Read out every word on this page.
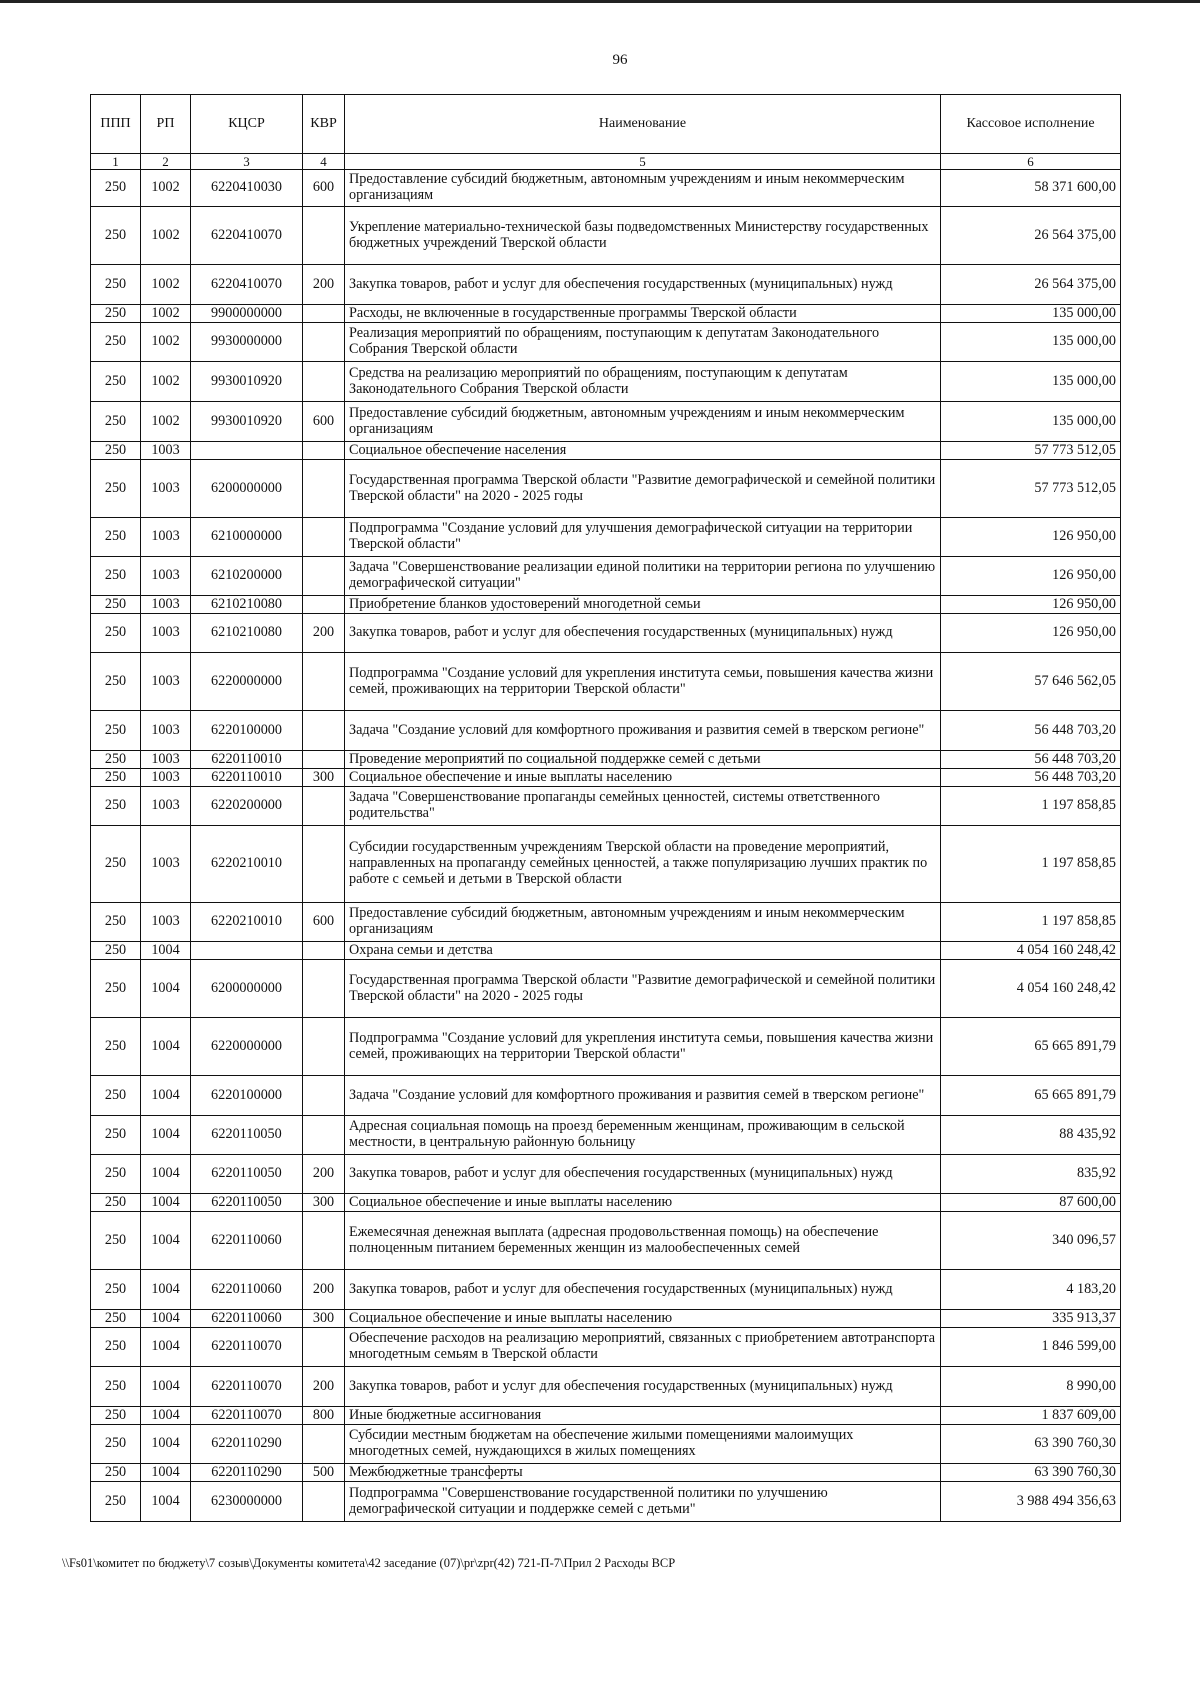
96
ППП	РП	КЦСР	КВР	Наименование	Кассовое исполнение
1	2	3	4	5	6
250	1002	6220410030	600	Предоставление субсидий бюджетным, автономным учреждениям и иным некоммерческим организациям	58 371 600,00
250	1002	6220410070		Укрепление материально-технической базы подведомственных Министерству государственных бюджетных учреждений Тверской области	26 564 375,00
250	1002	6220410070	200	Закупка товаров, работ и услуг для обеспечения государственных (муниципальных) нужд	26 564 375,00
250	1002	9900000000		Расходы, не включенные в государственные программы Тверской области	135 000,00
250	1002	9930000000		Реализация мероприятий по обращениям, поступающим к депутатам Законодательного Собрания Тверской области	135 000,00
250	1002	9930010920		Средства на реализацию мероприятий по обращениям, поступающим к депутатам Законодательного Собрания Тверской области	135 000,00
250	1002	9930010920	600	Предоставление субсидий бюджетным, автономным учреждениям и иным некоммерческим организациям	135 000,00
250	1003			Социальное обеспечение населения	57 773 512,05
250	1003	6200000000		Государственная программа Тверской области "Развитие демографической и семейной политики Тверской области" на 2020 - 2025 годы	57 773 512,05
250	1003	6210000000		Подпрограмма "Создание условий для улучшения демографической ситуации на территории Тверской области"	126 950,00
250	1003	6210200000		Задача "Совершенствование реализации единой политики на территории региона по улучшению демографической ситуации"	126 950,00
250	1003	6210210080		Приобретение бланков удостоверений многодетной семьи	126 950,00
250	1003	6210210080	200	Закупка товаров, работ и услуг для обеспечения государственных (муниципальных) нужд	126 950,00
250	1003	6220000000		Подпрограмма "Создание условий для укрепления института семьи, повышения качества жизни семей, проживающих на территории Тверской области"	57 646 562,05
250	1003	6220100000		Задача "Создание условий для комфортного проживания и развития семей в тверском регионе"	56 448 703,20
250	1003	6220110010		Проведение мероприятий по социальной поддержке семей с детьми	56 448 703,20
250	1003	6220110010	300	Социальное обеспечение и иные выплаты населению	56 448 703,20
250	1003	6220200000		Задача "Совершенствование пропаганды семейных ценностей, системы ответственного родительства"	1 197 858,85
250	1003	6220210010		Субсидии государственным учреждениям Тверской области на проведение мероприятий, направленных на пропаганду семейных ценностей, а также популяризацию лучших практик по работе с семьей и детьми в Тверской области	1 197 858,85
250	1003	6220210010	600	Предоставление субсидий бюджетным, автономным учреждениям и иным некоммерческим организациям	1 197 858,85
250	1004			Охрана семьи и детства	4 054 160 248,42
250	1004	6200000000		Государственная программа Тверской области "Развитие демографической и семейной политики Тверской области" на 2020 - 2025 годы	4 054 160 248,42
250	1004	6220000000		Подпрограмма "Создание условий для укрепления института семьи, повышения качества жизни семей, проживающих на территории Тверской области"	65 665 891,79
250	1004	6220100000		Задача "Создание условий для комфортного проживания и развития семей в тверском регионе"	65 665 891,79
250	1004	6220110050		Адресная социальная помощь на проезд беременным женщинам, проживающим в сельской местности, в центральную районную больницу	88 435,92
250	1004	6220110050	200	Закупка товаров, работ и услуг для обеспечения государственных (муниципальных) нужд	835,92
250	1004	6220110050	300	Социальное обеспечение и иные выплаты населению	87 600,00
250	1004	6220110060		Ежемесячная денежная выплата (адресная продовольственная помощь) на обеспечение полноценным питанием беременных женщин из малообеспеченных семей	340 096,57
250	1004	6220110060	200	Закупка товаров, работ и услуг для обеспечения государственных (муниципальных) нужд	4 183,20
250	1004	6220110060	300	Социальное обеспечение и иные выплаты населению	335 913,37
250	1004	6220110070		Обеспечение расходов на реализацию мероприятий, связанных с приобретением автотранспорта многодетным семьям в Тверской области	1 846 599,00
250	1004	6220110070	200	Закупка товаров, работ и услуг для обеспечения государственных (муниципальных) нужд	8 990,00
250	1004	6220110070	800	Иные бюджетные ассигнования	1 837 609,00
250	1004	6220110290		Субсидии местным бюджетам на обеспечение жилыми помещениями малоимущих многодетных семей, нуждающихся в жилых помещениях	63 390 760,30
250	1004	6220110290	500	Межбюджетные трансферты	63 390 760,30
250	1004	6230000000		Подпрограмма "Совершенствование государственной политики по улучшению демографической ситуации и поддержке семей с детьми"	3 988 494 356,63
\\Fs01\комитет по бюджету\7 созыв\Документы комитета\42 заседание (07)\pr\zpr(42) 721-П-7\Прил 2 Расходы ВСР
